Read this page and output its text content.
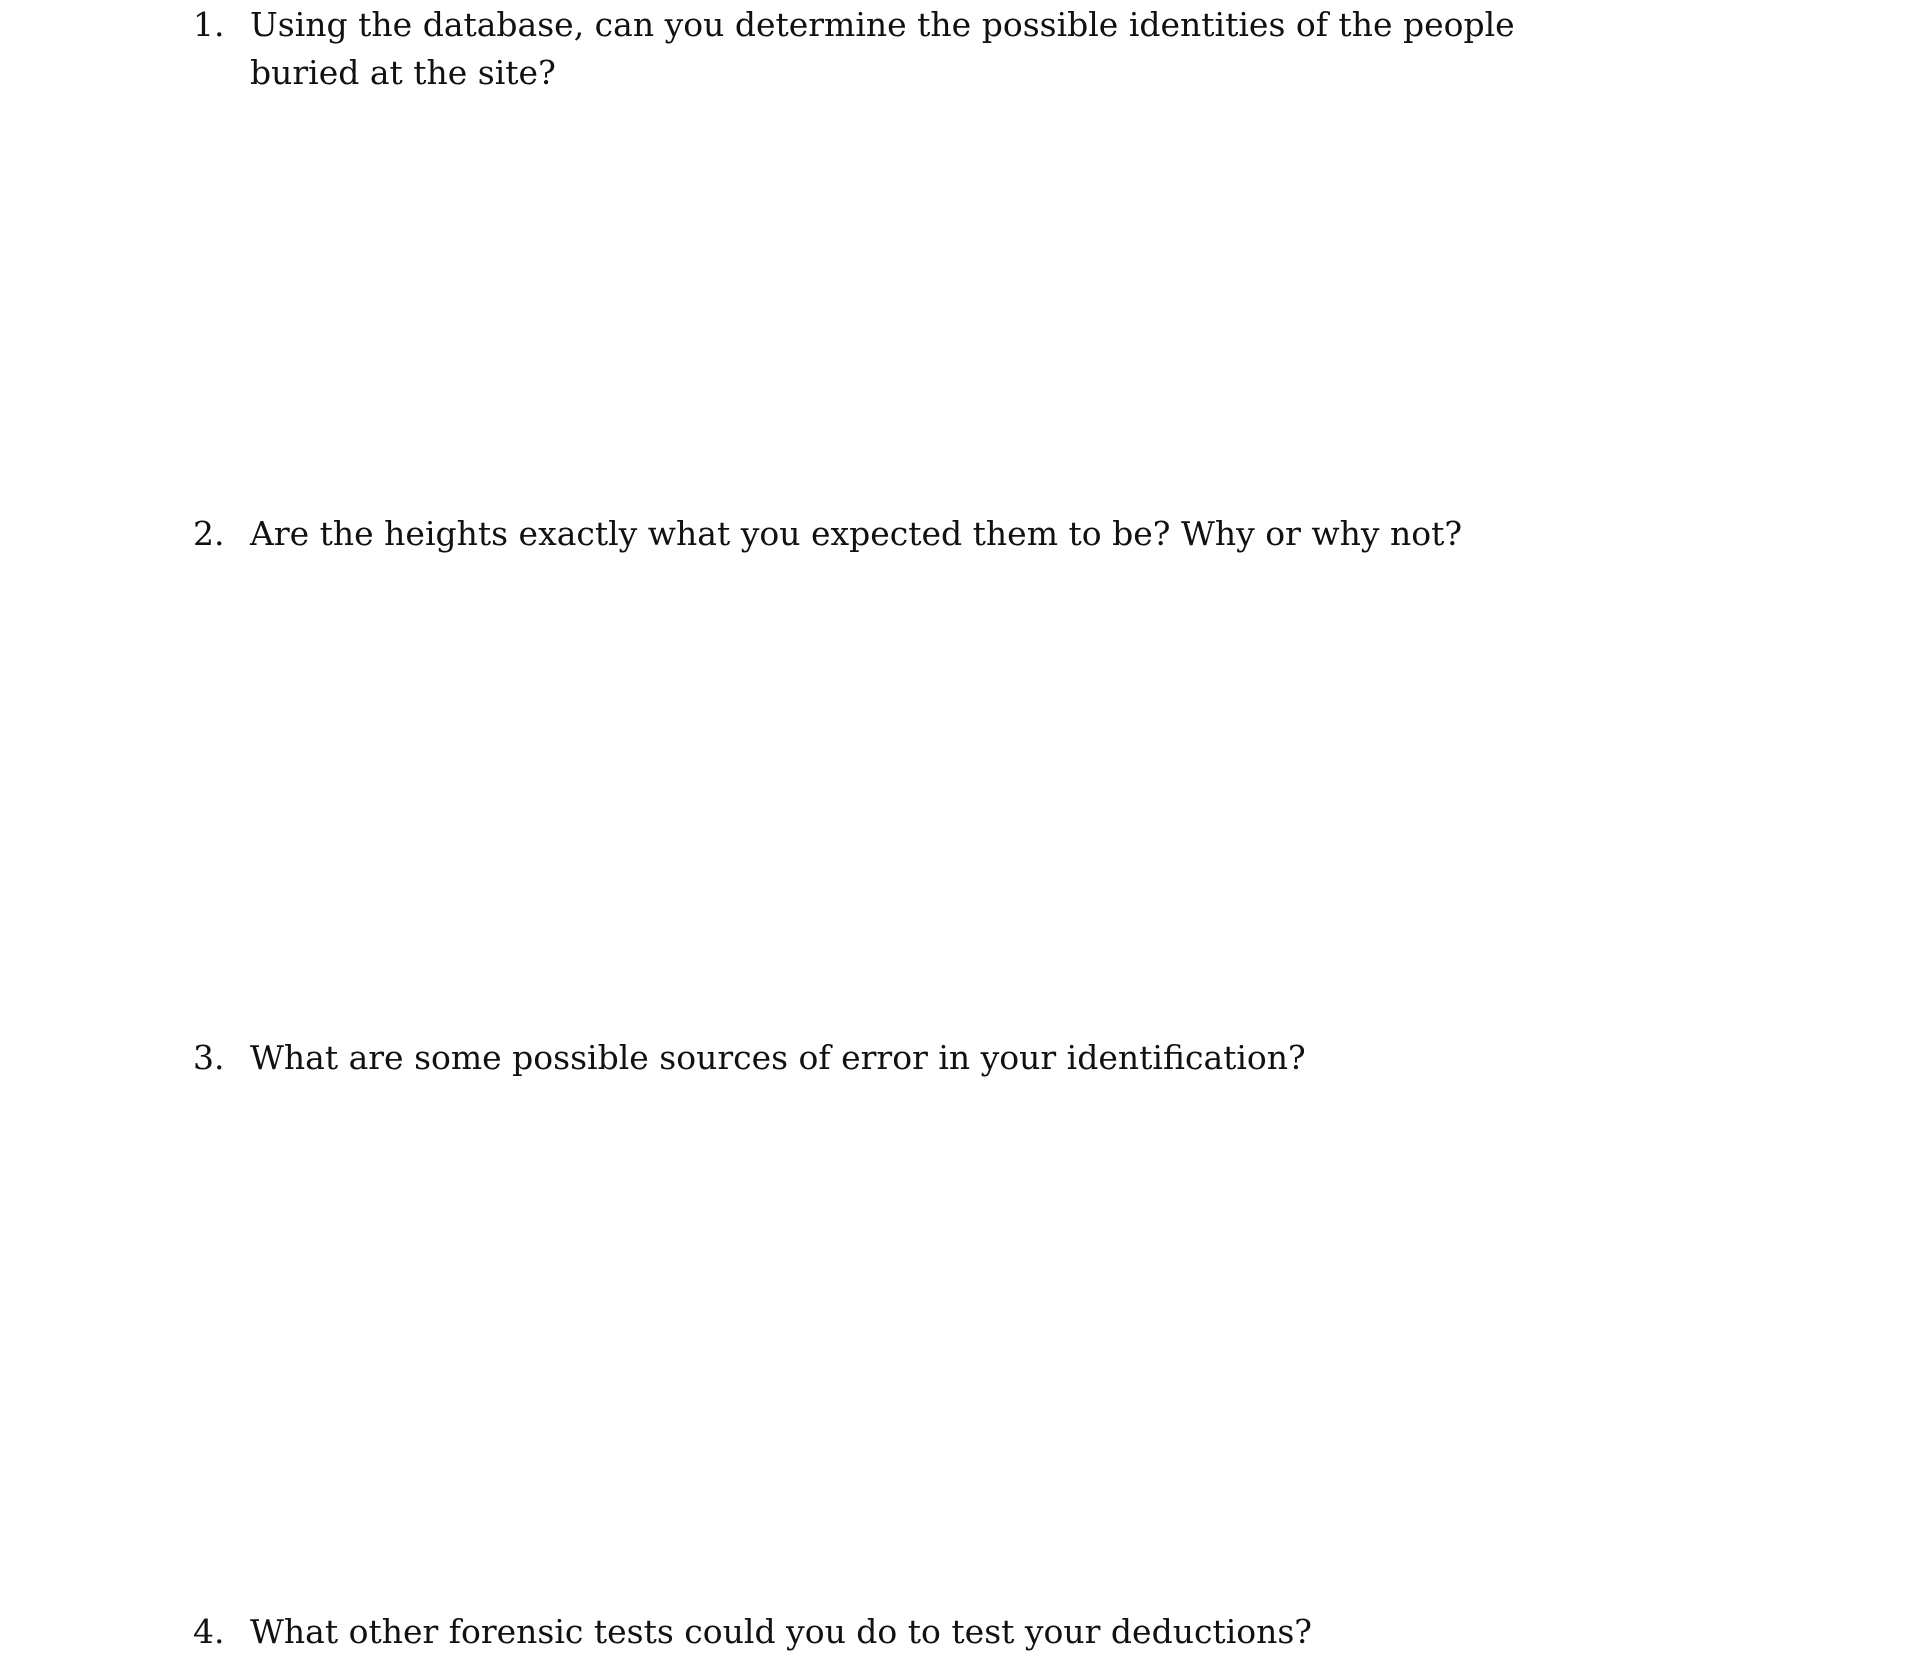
1. Using the database, can you determine the possible identities of the people buried at the site?
2. Are the heights exactly what you expected them to be? Why or why not?
3. What are some possible sources of error in your identification?
4. What other forensic tests could you do to test your deductions?
